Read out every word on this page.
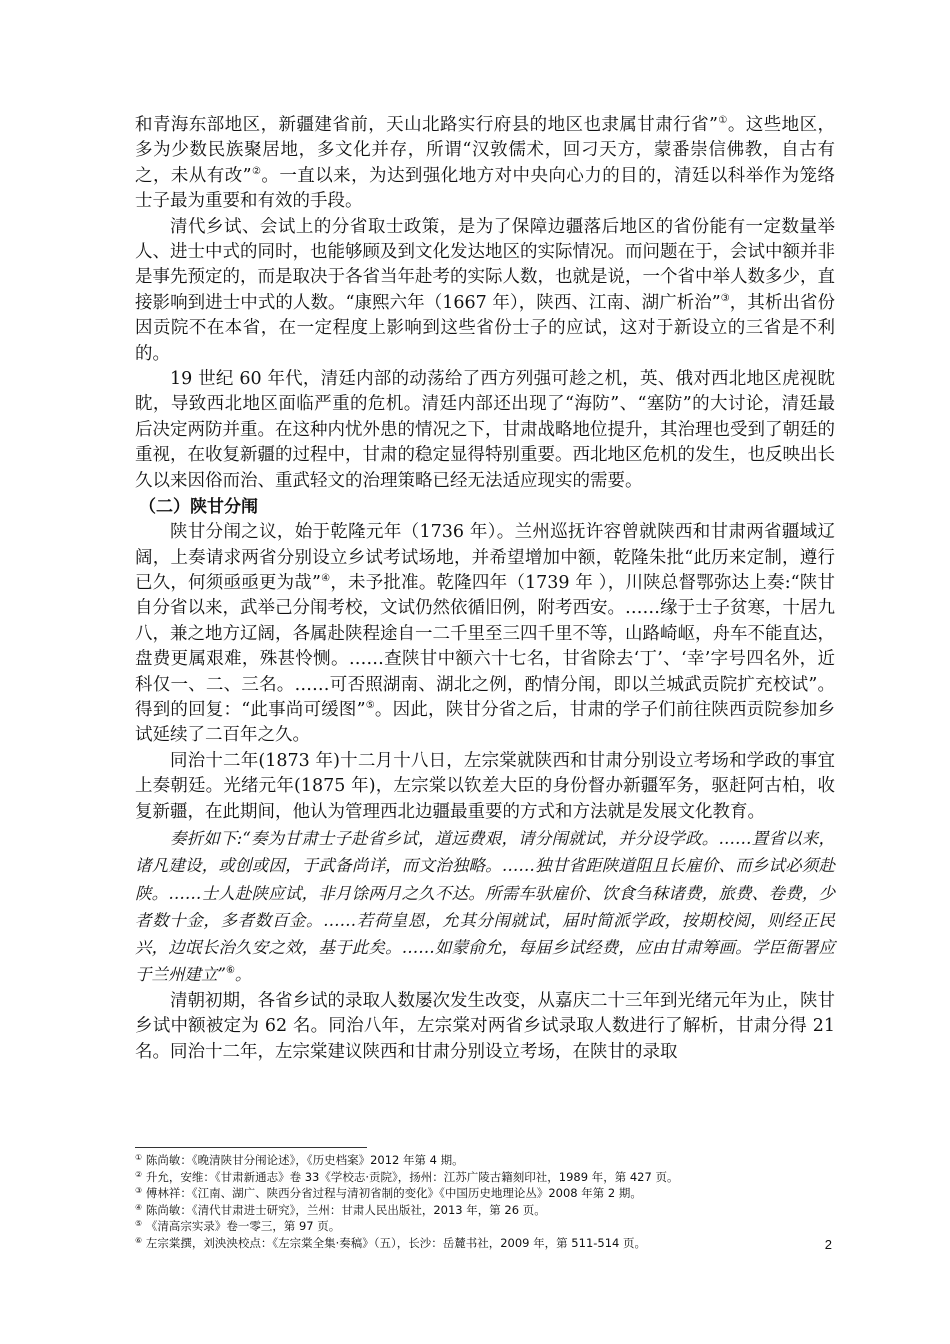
和青海东部地区，新疆建省前，天山北路实行府县的地区也隶属甘肃行省”①。这些地区，多为少数民族聚居地，多文化并存，所谓“汉敦儒术，回刁天方，蒙番崇信佛教，自古有之，未从有改”②。一直以来，为达到强化地方对中央向心力的目的，清廷以科举作为笼络士子最为重要和有效的手段。

清代乡试、会试上的分省取士政策，是为了保障边疆落后地区的省份能有一定数量举人、进士中式的同时，也能够顾及到文化发达地区的实际情况。而问题在于，会试中额并非是事先预定的，而是取决于各省当年赴考的实际人数，也就是说，一个省中举人数多少，直接影响到进士中式的人数。“康熙六年（1667 年），陕西、江南、湖广析治”③，其析出省份因贡院不在本省，在一定程度上影响到这些省份士子的应试，这对于新设立的三省是不利的。

19 世纪 60 年代，清廷内部的动荡给了西方列强可趁之机，英、俄对西北地区虎视眈眈，导致西北地区面临严重的危机。清廷内部还出现了“海防”、“塞防”的大讨论，清廷最后决定两防并重。在这种内忧外患的情况之下，甘肃战略地位提升，其治理也受到了朝廷的重视，在收复新疆的过程中，甘肃的稳定显得特别重要。西北地区危机的发生，也反映出长久以来因俗而治、重武轻文的治理策略已经无法适应现实的需要。

（二）陕甘分闱

陕甘分闱之议，始于乾隆元年（1736 年）。兰州巡抚许容曾就陕西和甘肃两省疆域辽阔，上奏请求两省分别设立乡试考试场地，并希望增加中额，乾隆朱批“此历来定制，遵行已久，何须亟亟更为哉”④，未予批准。乾隆四年（1739 年 ），川陕总督鄂弥达上奏:“陕甘自分省以来，武举己分闱考校，文试仍然依循旧例，附考西安。……缘于士子贫寒，十居九八，兼之地方辽阔，各属赴陕程途自一二千里至三四千里不等，山路崎岖，舟车不能直达，盘费更属艰难，殊甚怜恻。……查陕甘中额六十七名，甘省除去‘丁’、‘幸’字号四名外，近科仅一、二、三名。……可否照湖南、湖北之例，酌情分闱，即以兰城武贡院扩充校试”。得到的回复：“此事尚可缓图”⑤。因此，陕甘分省之后，甘肃的学子们前往陕西贡院参加乡试延续了二百年之久。

同治十二年(1873 年)十二月十八日，左宗棠就陕西和甘肃分别设立考场和学政的事宜上奏朝廷。光绪元年(1875 年)，左宗棠以钦差大臣的身份督办新疆军务，驱赶阿古柏，收复新疆，在此期间，他认为管理西北边疆最重要的方式和方法就是发展文化教育。

奏折如下:“奏为甘肃士子赴省乡试，道远费艰，请分闱就试，并分设学政。……置省以来，诸凡建设，或创或因，于武备尚详，而文治独略。……独甘省距陕道阻且长雇价、而乡试必须赴陕。……士人赴陕应试，非月馀两月之久不达。所需车驮雇价、饮食刍秣诸费，旅费、卷费，少者数十金，多者数百金。……若荷皇恩，允其分闱就试，届时简派学政，按期校阅，则经正民兴，边氓长治久安之效，基于此矣。……如蒙俞允，每届乡试经费，应由甘肃筹画。学臣衙署应于兰州建立”⑥。

清朝初期，各省乡试的录取人数屡次发生改变，从嘉庆二十三年到光绪元年为止，陕甘乡试中额被定为 62 名。同治八年，左宗棠对两省乡试录取人数进行了解析，甘肃分得 21 名。同治十二年，左宗棠建议陕西和甘肃分别设立考场，在陕甘的录取

① 陈尚敏：《晚清陕甘分闱论述》，《历史档案》2012 年第 4 期。

② 升允，安维：《甘肃新通志》卷 33《学校志·贡院》，扬州：江苏广陵古籍刻印社，1989 年，第 427 页。

③ 傅林祥：《江南、湖广、陕西分省过程与清初省制的变化》《中国历史地理论丛》2008 年第 2 期。

④ 陈尚敏：《清代甘肃进士研究》，兰州：甘肃人民出版社，2013 年，第 26 页。

⑤ 《清高宗实录》卷一零三，第 97 页。

⑥ 左宗棠撰，刘泱泱校点：《左宗棠全集·奏稿》（五），长沙：岳麓书社，2009 年，第 511-514 页。	2
